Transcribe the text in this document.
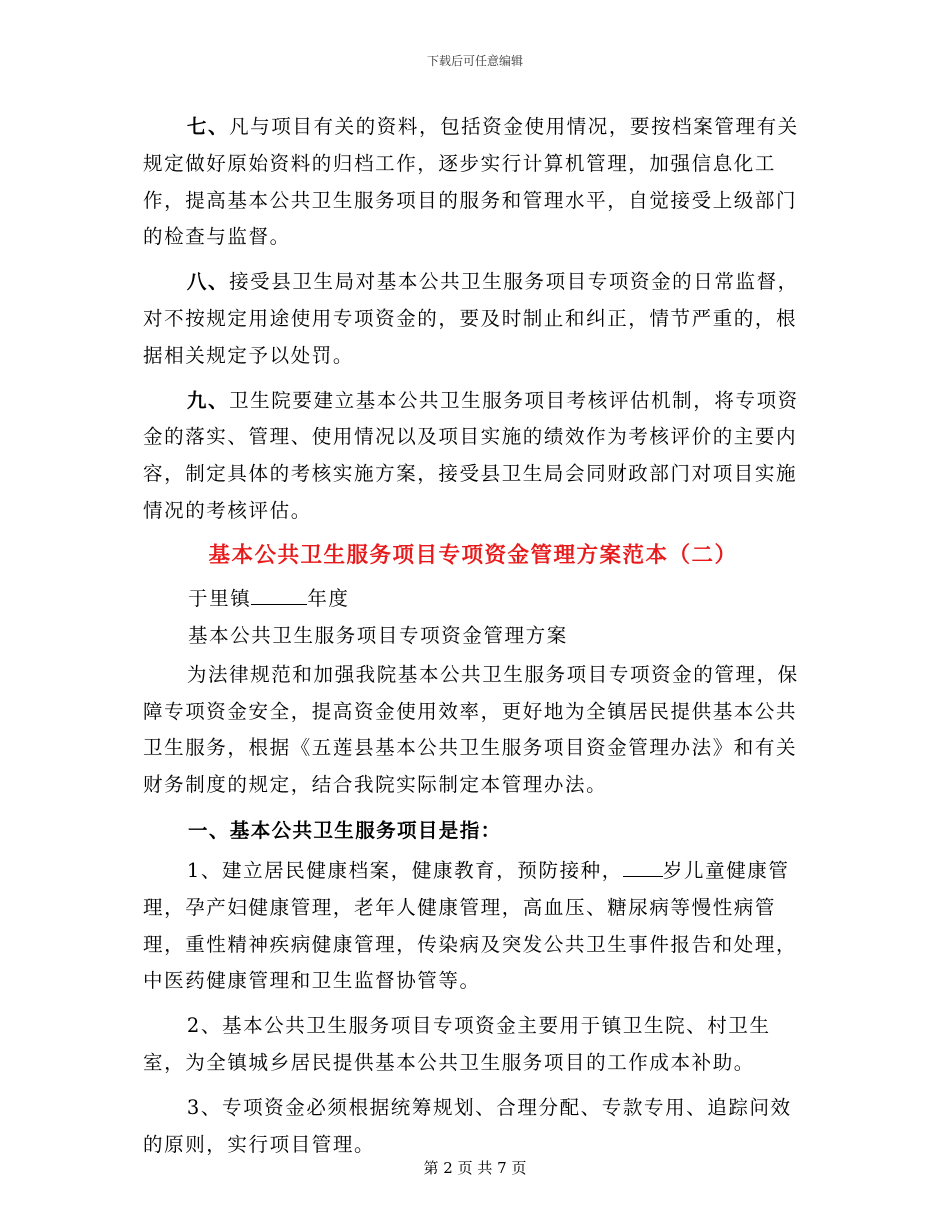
下载后可任意编辑

七、凡与项目有关的资料，包括资金使用情况，要按档案管理有关规定做好原始资料的归档工作，逐步实行计算机管理，加强信息化工作，提高基本公共卫生服务项目的服务和管理水平，自觉接受上级部门的检查与监督。

八、接受县卫生局对基本公共卫生服务项目专项资金的日常监督，对不按规定用途使用专项资金的，要及时制止和纠正，情节严重的，根据相关规定予以处罚。

九、卫生院要建立基本公共卫生服务项目考核评估机制，将专项资金的落实、管理、使用情况以及项目实施的绩效作为考核评价的主要内容，制定具体的考核实施方案，接受县卫生局会同财政部门对项目实施情况的考核评估。

基本公共卫生服务项目专项资金管理方案范本（二）

于里镇	年度

基本公共卫生服务项目专项资金管理方案

为法律规范和加强我院基本公共卫生服务项目专项资金的管理，保障专项资金安全，提高资金使用效率，更好地为全镇居民提供基本公共卫生服务，根据《五莲县基本公共卫生服务项目资金管理办法》和有关财务制度的规定，结合我院实际制定本管理办法。

一、基本公共卫生服务项目是指：

1、建立居民健康档案，健康教育，预防接种， 岁儿童健康管理，孕产妇健康管理，老年人健康管理，高血压、糖尿病等慢性病管理，重性精神疾病健康管理，传染病及突发公共卫生事件报告和处理，中医药健康管理和卫生监督协管等。

2、基本公共卫生服务项目专项资金主要用于镇卫生院、村卫生室，为全镇城乡居民提供基本公共卫生服务项目的工作成本补助。

3、专项资金必须根据统筹规划、合理分配、专款专用、追踪问效的原则，实行项目管理。

第 2 页 共 7 页
